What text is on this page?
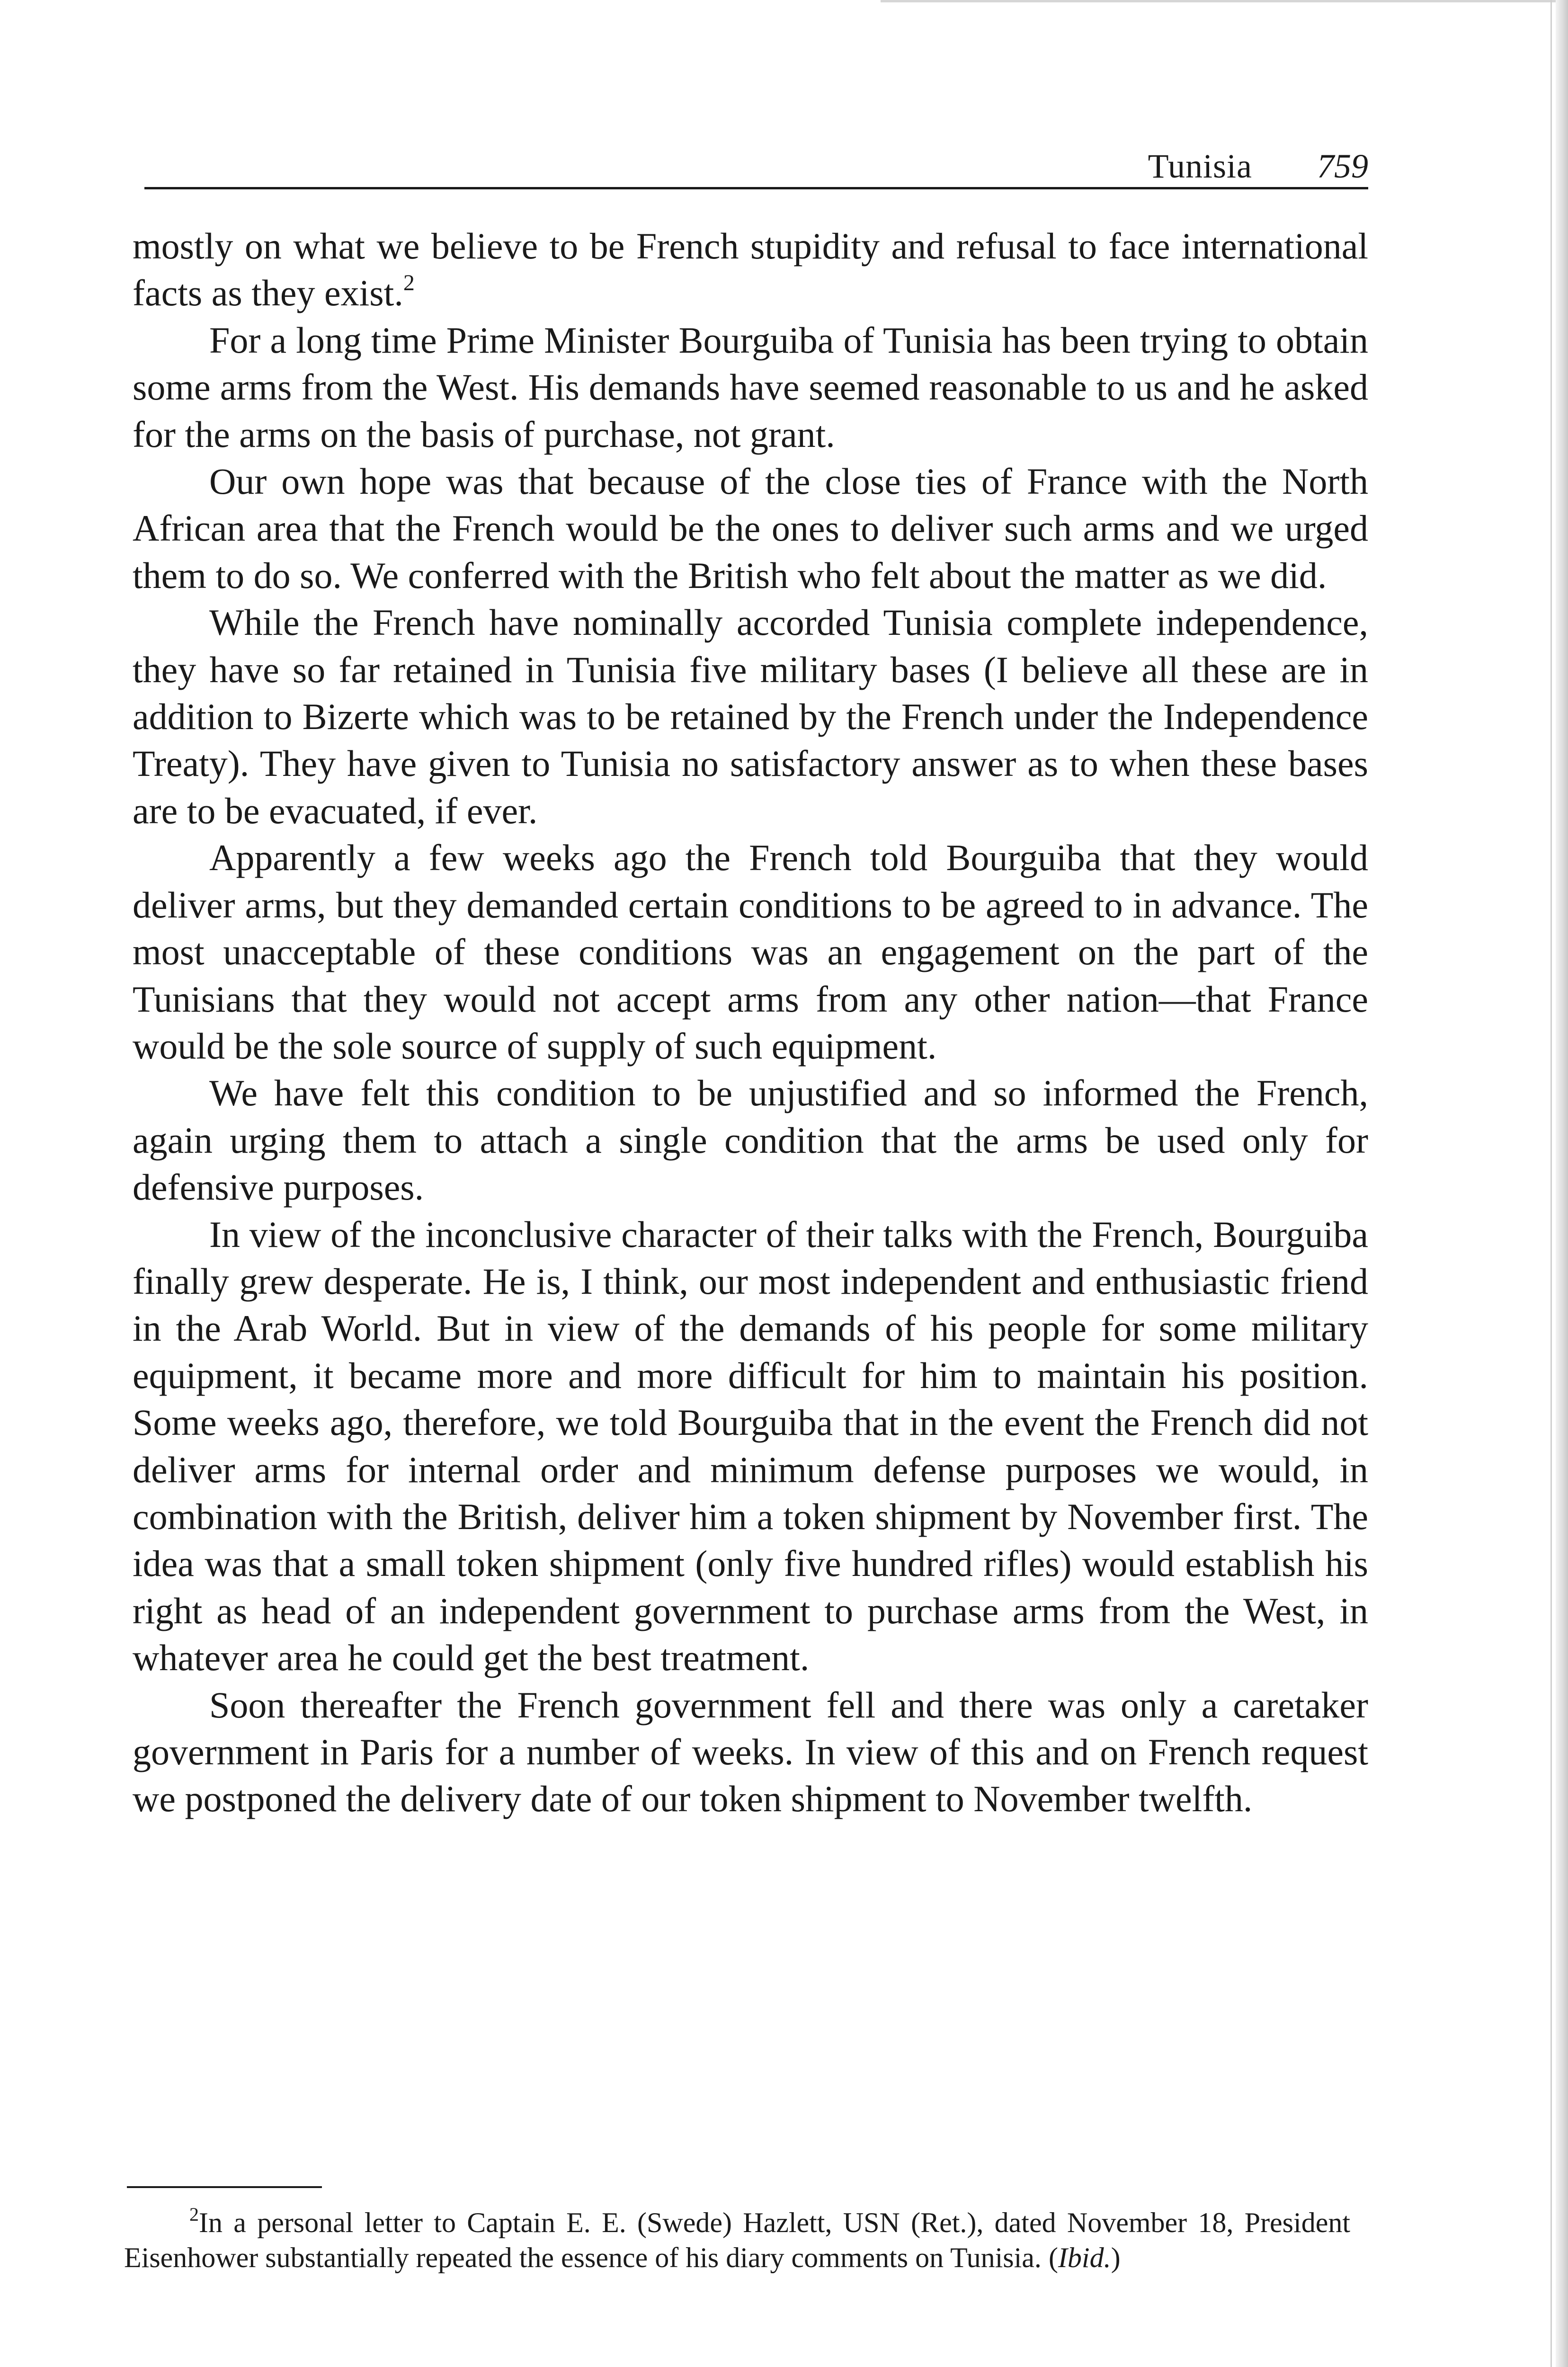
Tunisia 759

mostly on what we believe to be French stupidity and refusal to face international facts as they exist.$^2$

For a long time Prime Minister Bourguiba of Tunisia has been trying to obtain some arms from the West. His demands have seemed reasonable to us and he asked for the arms on the basis of purchase, not grant.

Our own hope was that because of the close ties of France with the North African area that the French would be the ones to deliver such arms and we urged them to do so. We conferred with the British who felt about the matter as we did.

While the French have nominally accorded Tunisia complete independence, they have so far retained in Tunisia five military bases (I believe all these are in addition to Bizerte which was to be retained by the French under the Independence Treaty). They have given to Tunisia no satisfactory answer as to when these bases are to be evacuated, if ever.

Apparently a few weeks ago the French told Bourguiba that they would deliver arms, but they demanded certain conditions to be agreed to in advance. The most unacceptable of these conditions was an engagement on the part of the Tunisians that they would not accept arms from any other nation—that France would be the sole source of supply of such equipment.

We have felt this condition to be unjustified and so informed the French, again urging them to attach a single condition that the arms be used only for defensive purposes.

In view of the inconclusive character of their talks with the French, Bourguiba finally grew desperate. He is, I think, our most independent and enthusiastic friend in the Arab World. But in view of the demands of his people for some military equipment, it became more and more difficult for him to maintain his position. Some weeks ago, therefore, we told Bourguiba that in the event the French did not deliver arms for internal order and minimum defense purposes we would, in combination with the British, deliver him a token shipment by November first. The idea was that a small token shipment (only five hundred rifles) would establish his right as head of an independent government to purchase arms from the West, in whatever area he could get the best treatment.

Soon thereafter the French government fell and there was only a caretaker government in Paris for a number of weeks. In view of this and on French request we postponed the delivery date of our token shipment to November twelfth.

$^2$In a personal letter to Captain E. E. (Swede) Hazlett, USN (Ret.), dated November 18, President Eisenhower substantially repeated the essence of his diary comments on Tunisia. (Ibid.)
